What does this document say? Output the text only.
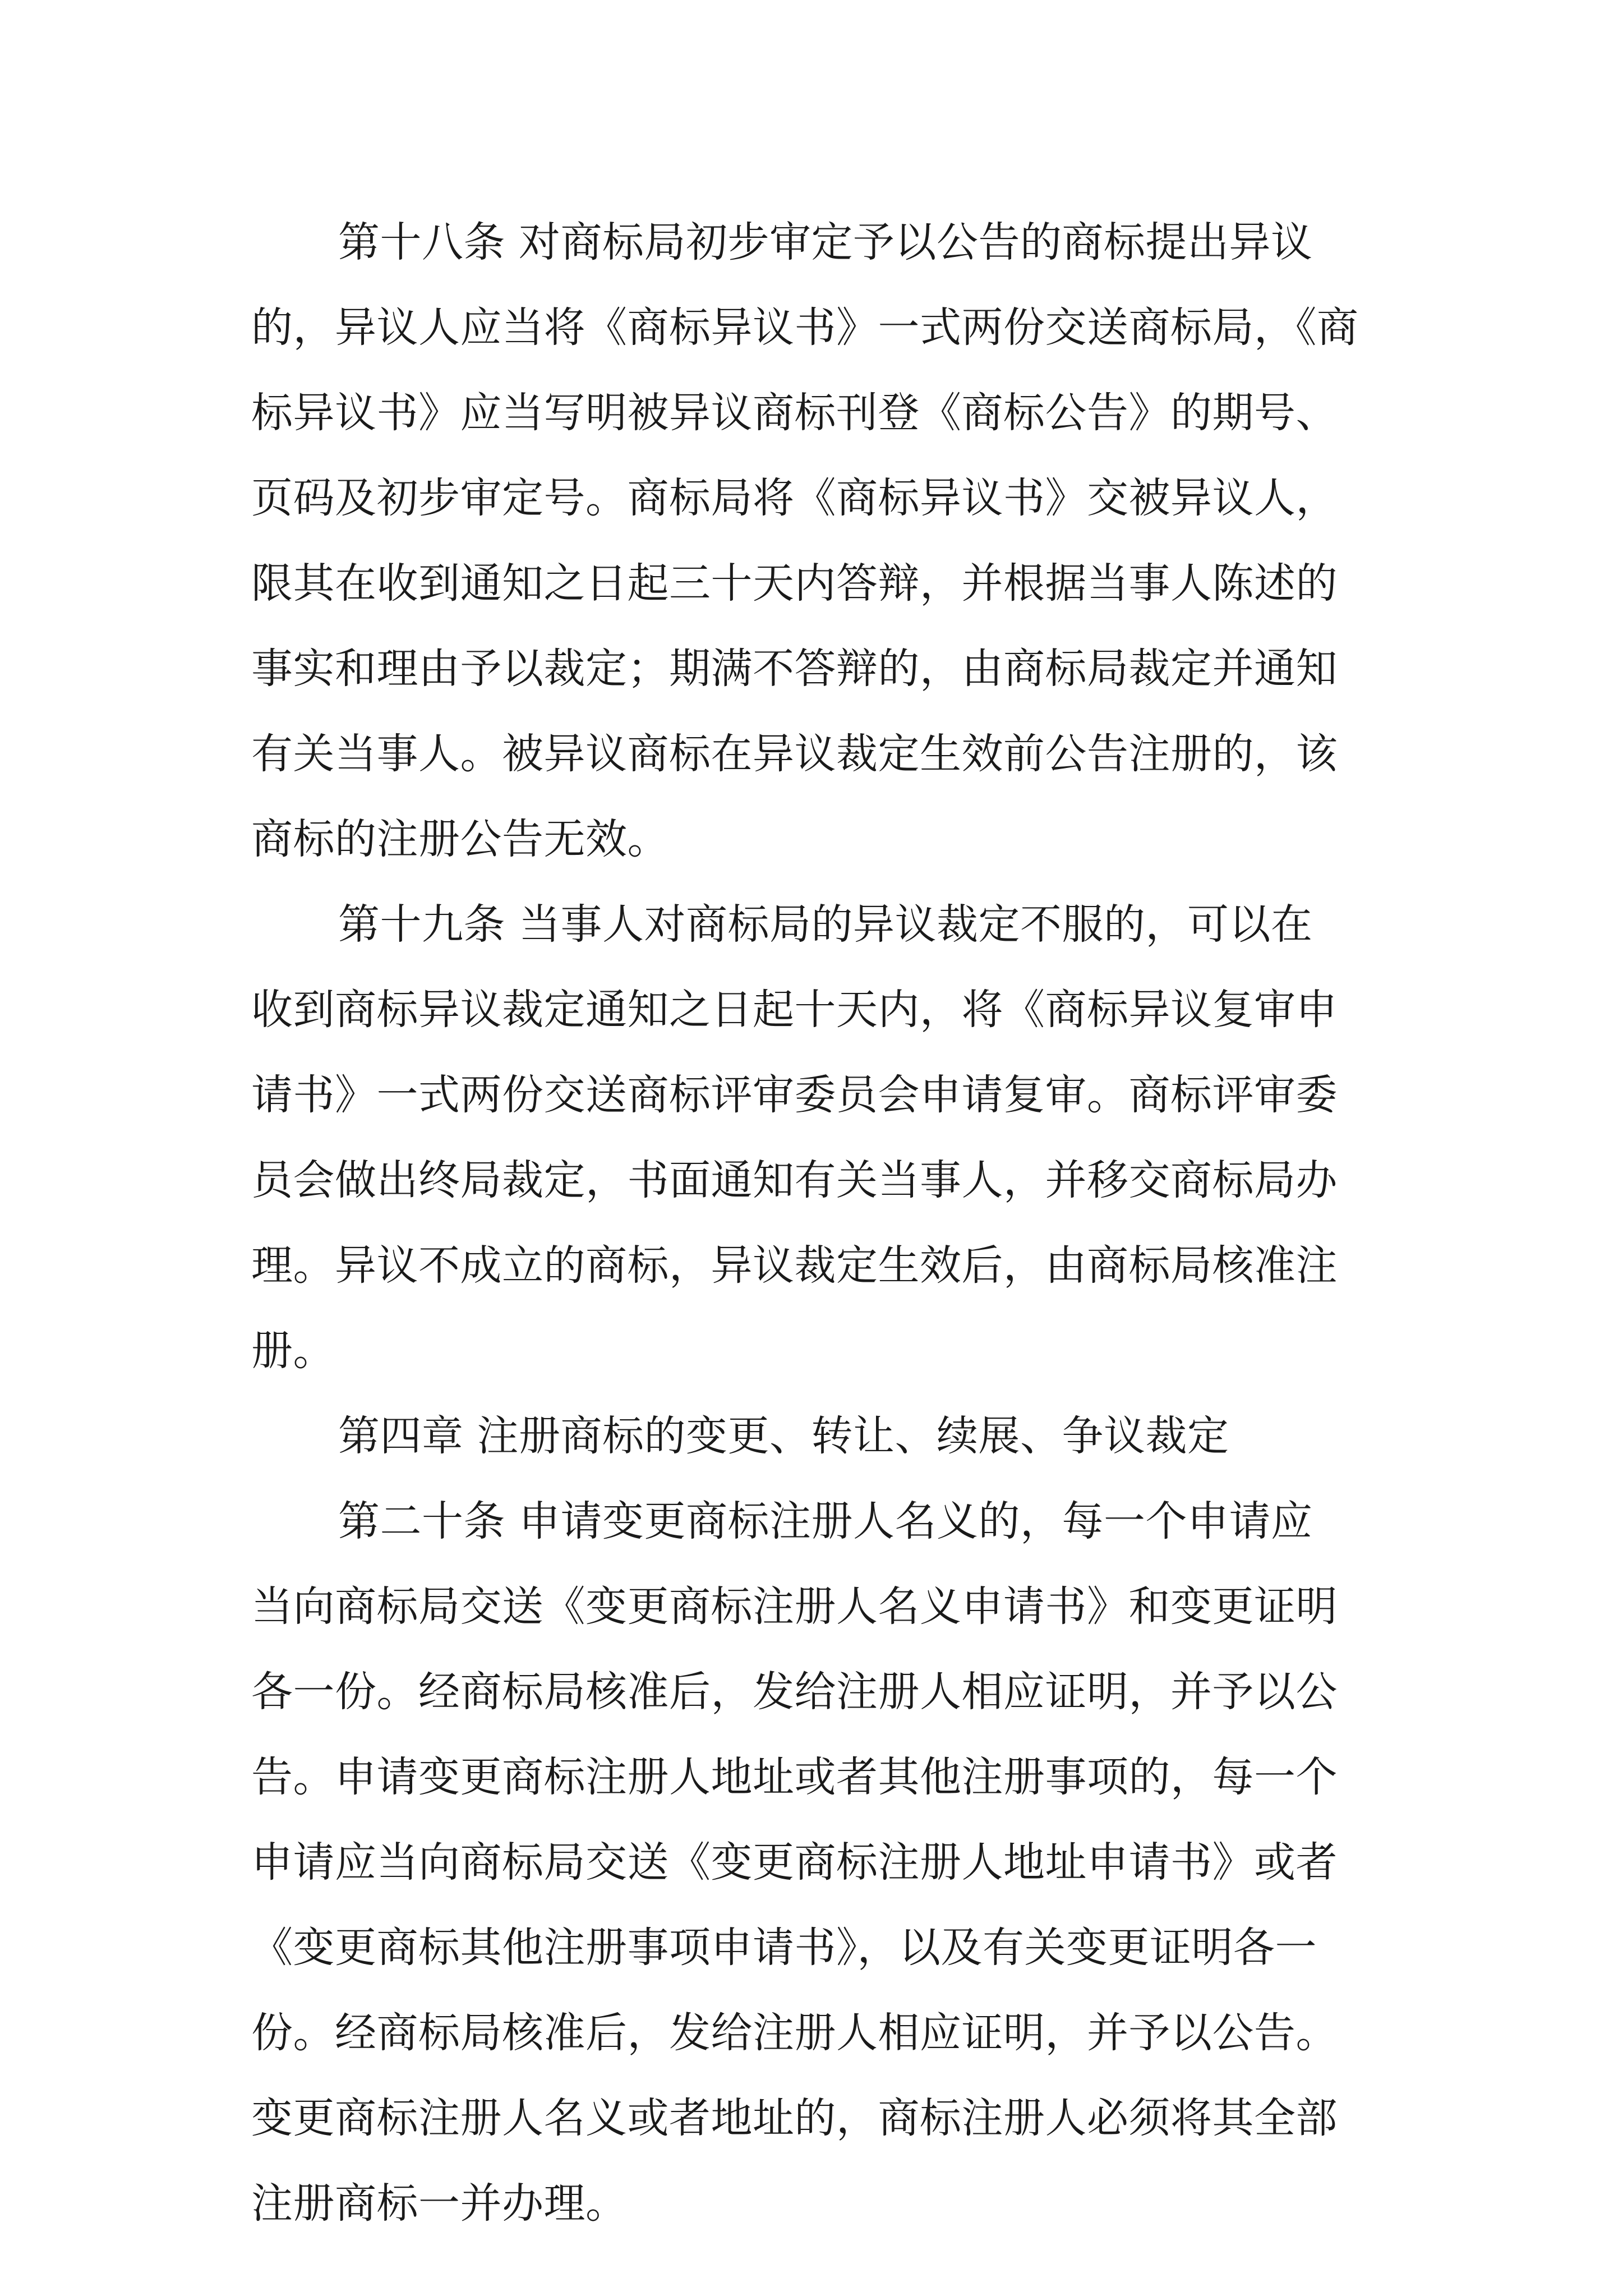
第十八条 对商标局初步审定予以公告的商标提出异议
的，异议人应当将《商标异议书》一式两份交送商标局，《商
标异议书》应当写明被异议商标刊登《商标公告》的期号、
页码及初步审定号。商标局将《商标异议书》交被异议人，
限其在收到通知之日起三十天内答辩，并根据当事人陈述的
事实和理由予以裁定；期满不答辩的，由商标局裁定并通知
有关当事人。被异议商标在异议裁定生效前公告注册的，该
商标的注册公告无效。
第十九条 当事人对商标局的异议裁定不服的，可以在
收到商标异议裁定通知之日起十天内，将《商标异议复审申
请书》一式两份交送商标评审委员会申请复审。商标评审委
员会做出终局裁定，书面通知有关当事人，并移交商标局办
理。异议不成立的商标，异议裁定生效后，由商标局核准注
册。
第四章 注册商标的变更、转让、续展、争议裁定
第二十条 申请变更商标注册人名义的，每一个申请应
当向商标局交送《变更商标注册人名义申请书》和变更证明
各一份。经商标局核准后，发给注册人相应证明，并予以公
告。申请变更商标注册人地址或者其他注册事项的，每一个
申请应当向商标局交送《变更商标注册人地址申请书》或者
《变更商标其他注册事项申请书》，以及有关变更证明各一
份。经商标局核准后，发给注册人相应证明，并予以公告。
变更商标注册人名义或者地址的，商标注册人必须将其全部
注册商标一并办理。
